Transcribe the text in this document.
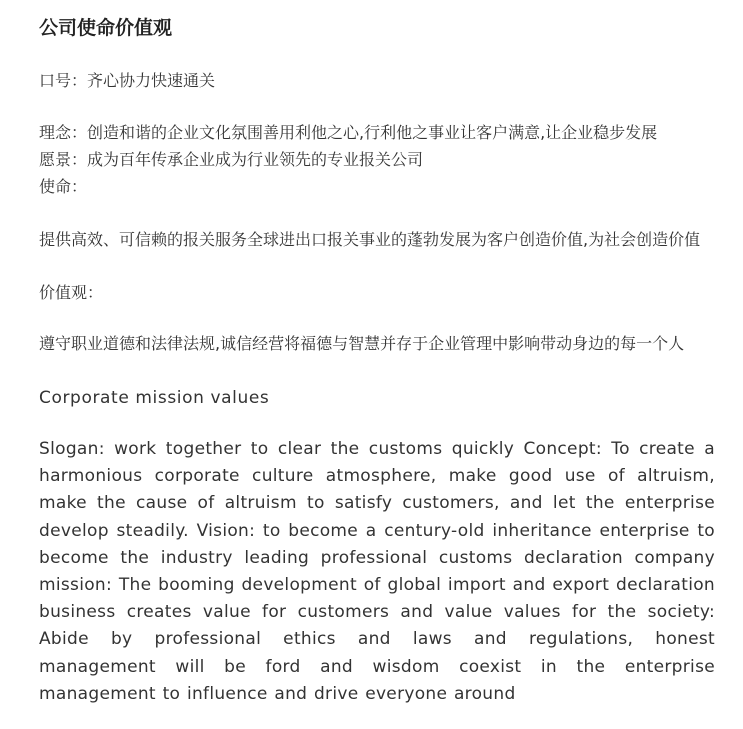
公司使命价值观
口号：齐心协力快速通关
理念：创造和谐的企业文化氛围善用利他之心,行利他之事业让客户满意,让企业稳步发展
愿景：成为百年传承企业成为行业领先的专业报关公司
使命：
提供高效、可信赖的报关服务全球进出口报关事业的蓬勃发展为客户创造价值,为社会创造价值
价值观：
遵守职业道德和法律法规,诚信经营将福德与智慧并存于企业管理中影响带动身边的每一个人
Corporate mission values
Slogan: work together to clear the customs quickly Concept: To create a harmonious corporate culture atmosphere, make good use of altruism, make the cause of altruism to satisfy customers, and let the enterprise develop steadily. Vision: to become a century-old inheritance enterprise to become the industry leading professional customs declaration company mission: The booming development of global import and export declaration business creates value for customers and value values for the society: Abide by professional ethics and laws and regulations, honest management will be ford and wisdom coexist in the enterprise management to influence and drive everyone around
